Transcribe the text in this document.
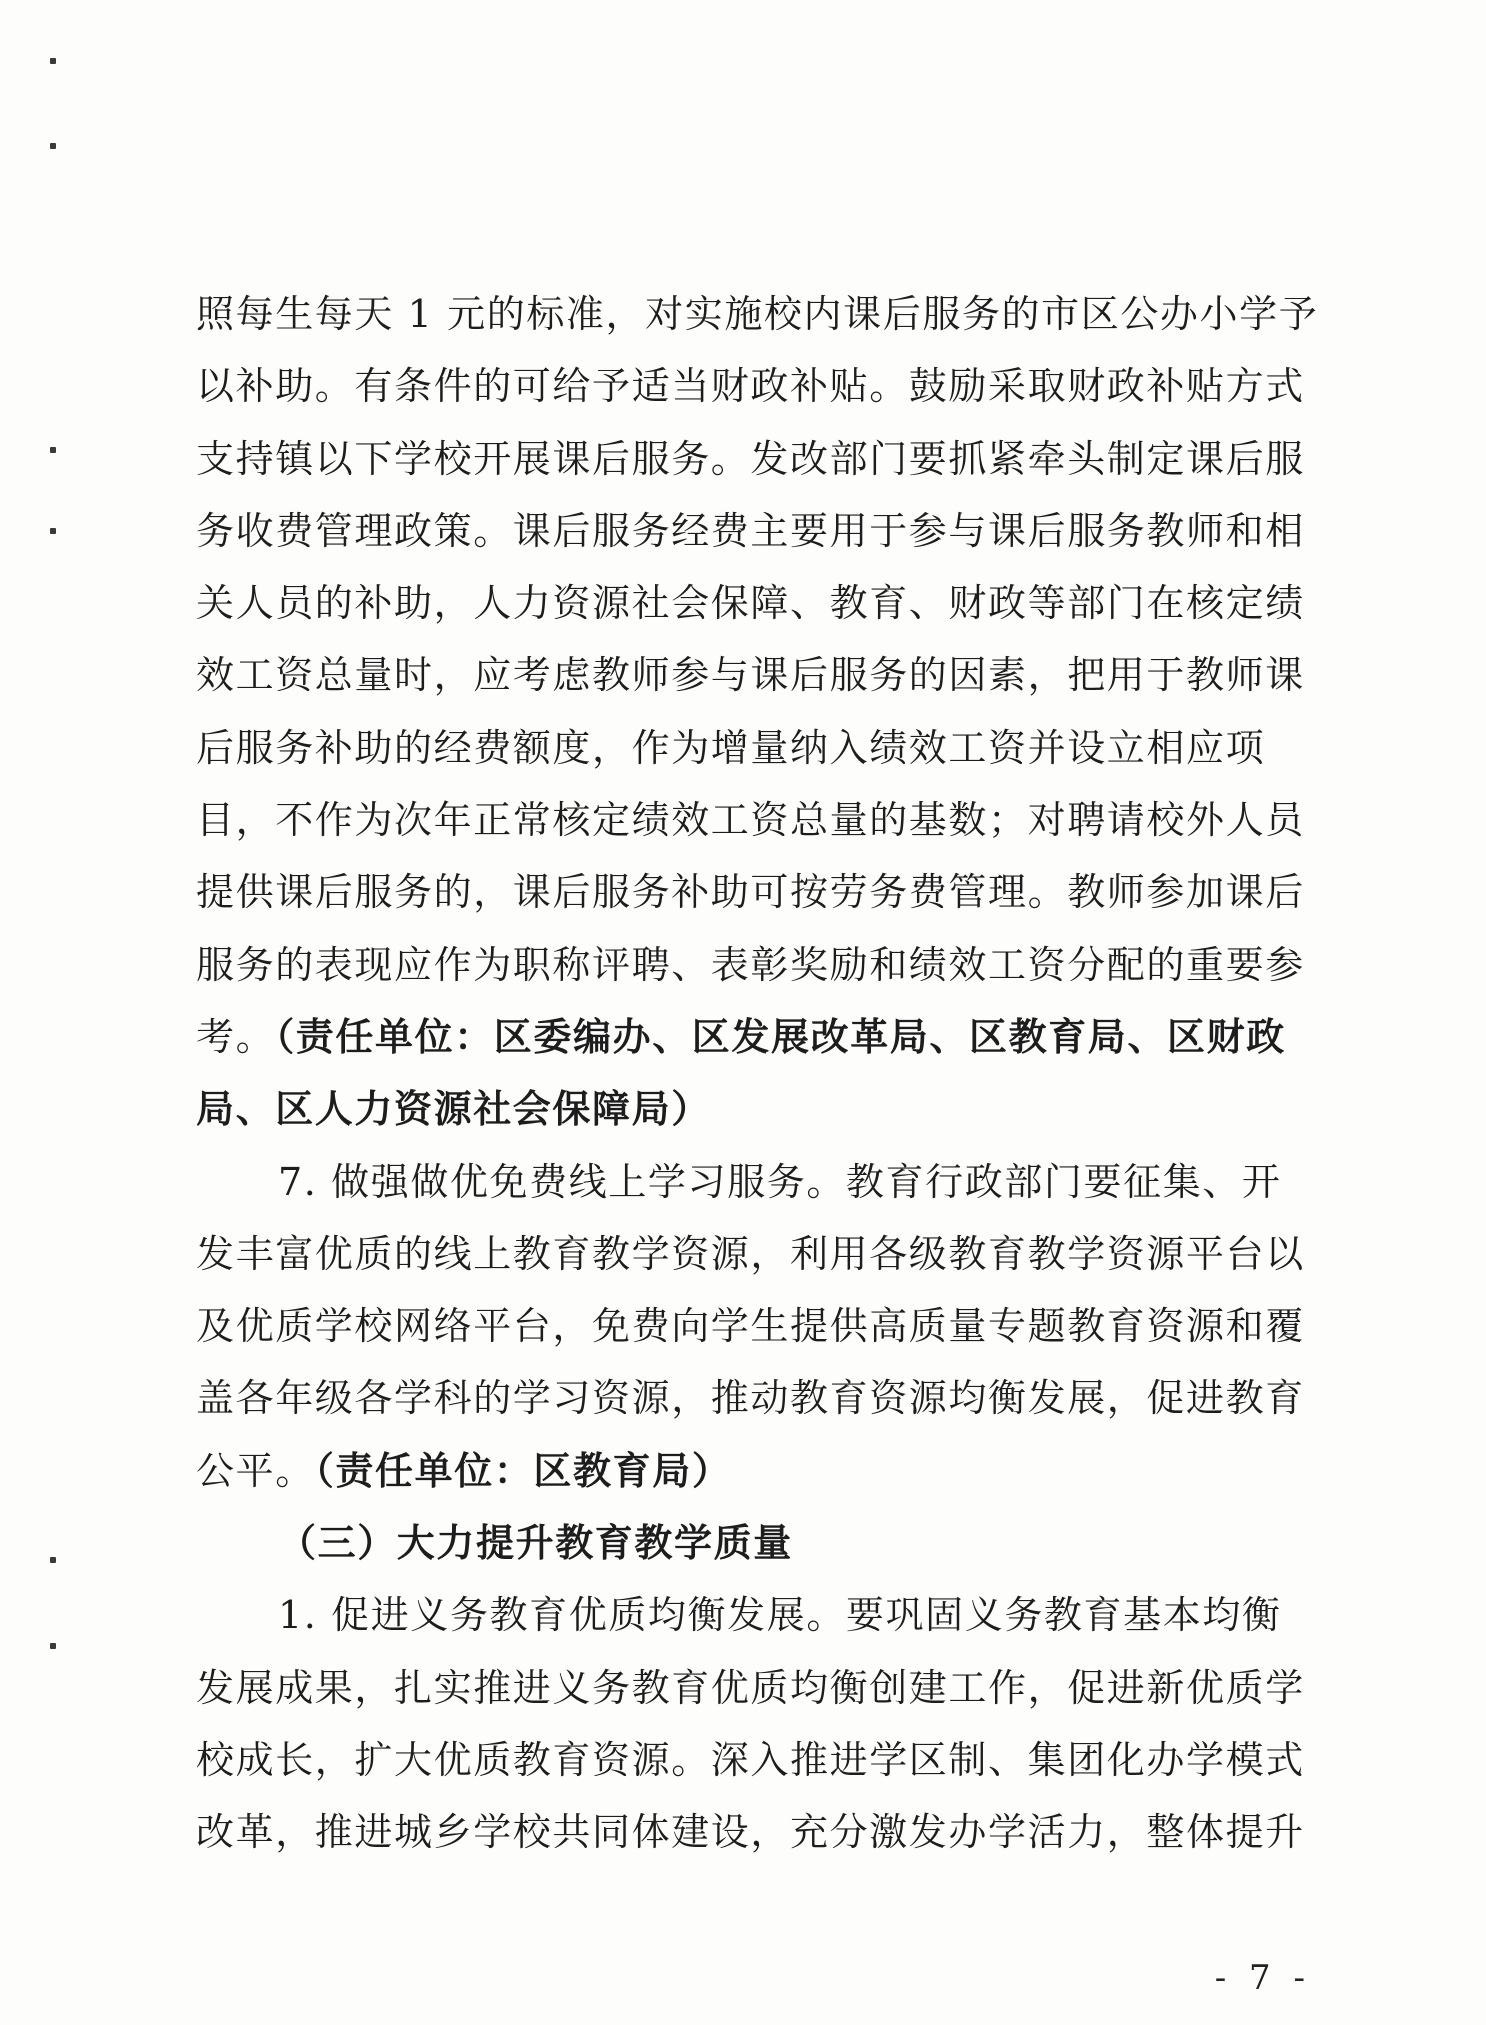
照每生每天 1 元的标准，对实施校内课后服务的市区公办小学予
以补助。有条件的可给予适当财政补贴。鼓励采取财政补贴方式
支持镇以下学校开展课后服务。发改部门要抓紧牵头制定课后服
务收费管理政策。课后服务经费主要用于参与课后服务教师和相
关人员的补助，人力资源社会保障、教育、财政等部门在核定绩
效工资总量时，应考虑教师参与课后服务的因素，把用于教师课
后服务补助的经费额度，作为增量纳入绩效工资并设立相应项
目，不作为次年正常核定绩效工资总量的基数；对聘请校外人员
提供课后服务的，课后服务补助可按劳务费管理。教师参加课后
服务的表现应作为职称评聘、表彰奖励和绩效工资分配的重要参
考。（责任单位：区委编办、区发展改革局、区教育局、区财政
局、区人力资源社会保障局）
7. 做强做优免费线上学习服务。教育行政部门要征集、开
发丰富优质的线上教育教学资源，利用各级教育教学资源平台以
及优质学校网络平台，免费向学生提供高质量专题教育资源和覆
盖各年级各学科的学习资源，推动教育资源均衡发展，促进教育
公平。（责任单位：区教育局）
（三）大力提升教育教学质量
1. 促进义务教育优质均衡发展。要巩固义务教育基本均衡
发展成果，扎实推进义务教育优质均衡创建工作，促进新优质学
校成长，扩大优质教育资源。深入推进学区制、集团化办学模式
改革，推进城乡学校共同体建设，充分激发办学活力，整体提升
- 7 -
